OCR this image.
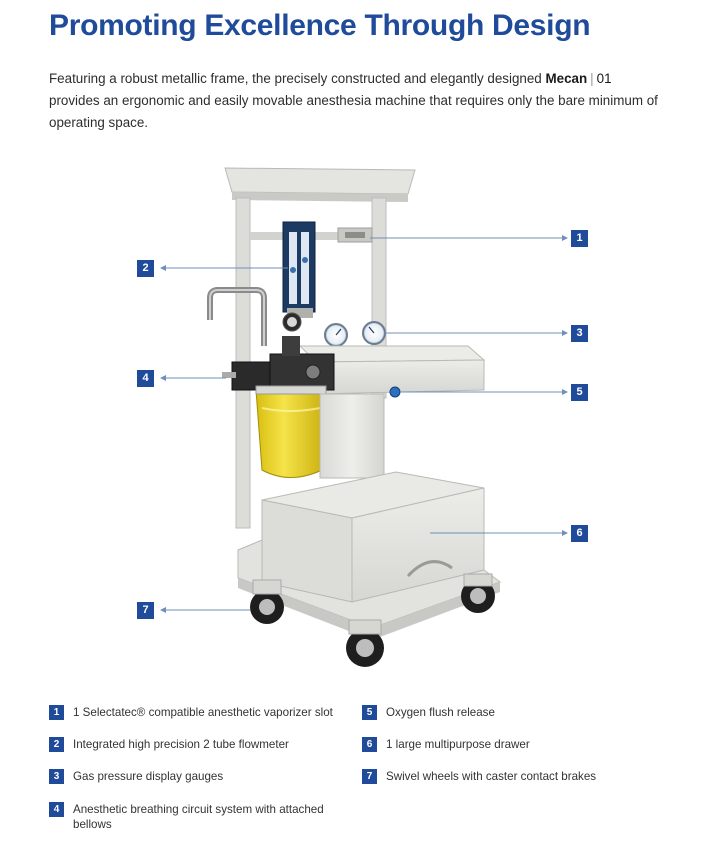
Promoting Excellence Through Design

Featuring a robust metallic frame, the precisely constructed and elegantly designed Mecan | 01 provides an ergonomic and easily movable anesthesia machine that requires only the bare minimum of operating space.

1
2
3
4
5
6
7
1	1 Selectatec® compatible anesthetic vaporizer slot
2	Integrated high precision 2 tube flowmeter
3	Gas pressure display gauges
4	Anesthetic breathing circuit system with attached bellows
5	Oxygen flush release
6	1 large multipurpose drawer
7	Swivel wheels with caster contact brakes
